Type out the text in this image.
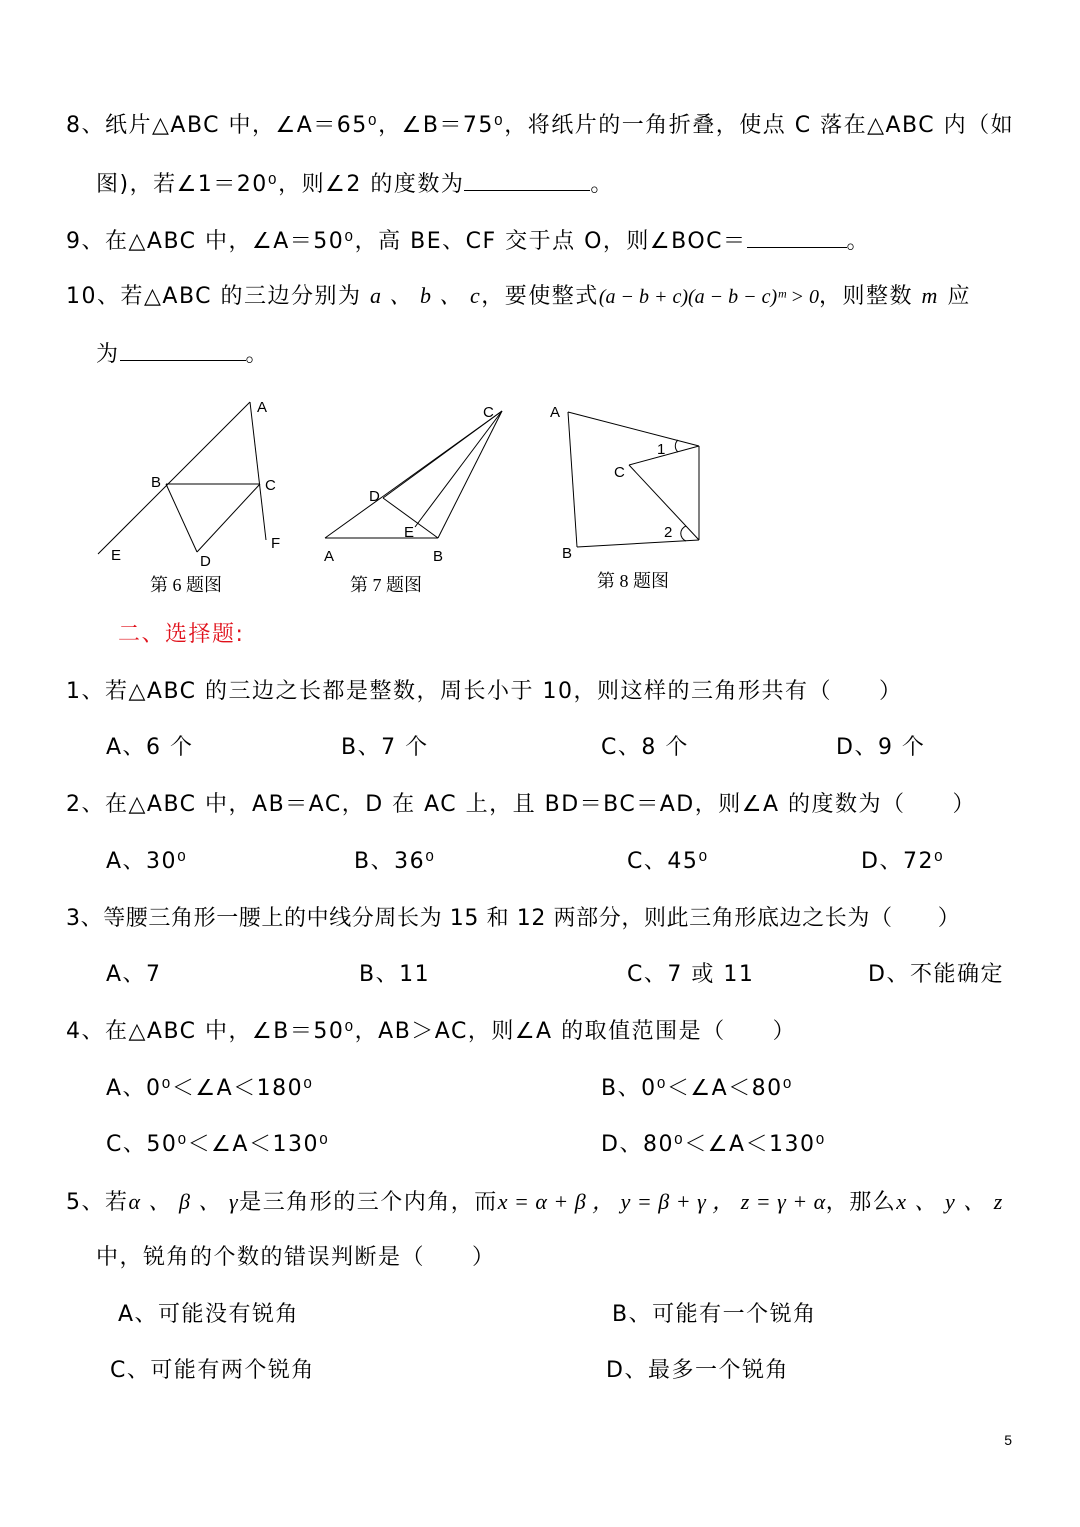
8、纸片△ABC 中，∠A＝65⁰，∠B＝75⁰，将纸片的一角折叠，使点 C 落在△ABC 内（如
图)，若∠1＝20⁰，则∠2 的度数为	。
9、在△ABC 中，∠A＝50⁰，高 BE、CF 交于点 O，则∠BOC＝	。
10、若△ABC 的三边分别为 a 、 b 、 c，要使整式(a − b + c)(a − b − c)ᵐ > 0，则整数 m 应
为	。
A
B	C
D
E
F
第 6 题图
A	B
C
D
E
第 7 题图
A
B
C
1
2
第 8 题图
二、选择题:
1、若△ABC 的三边之长都是整数，周长小于 10，则这样的三角形共有（　　）
A、6 个	B、7 个	C、8 个	D、9 个
2、在△ABC 中，AB＝AC，D 在 AC 上，且 BD＝BC＝AD，则∠A 的度数为（　　）
A、30⁰	B、36⁰	C、45⁰	D、72⁰
3、等腰三角形一腰上的中线分周长为 15 和 12 两部分，则此三角形底边之长为（　　）
A、7	B、11	C、7 或 11	D、不能确定
4、在△ABC 中，∠B＝50⁰，AB＞AC，则∠A 的取值范围是（　　）
A、0⁰＜∠A＜180⁰	B、0⁰＜∠A＜80⁰
C、50⁰＜∠A＜130⁰	D、80⁰＜∠A＜130⁰
5、若α 、 β 、 γ是三角形的三个内角，而x = α + β ， y = β + γ ， z = γ + α，那么x 、 y 、 z
中，锐角的个数的错误判断是（　　）
A、可能没有锐角	B、可能有一个锐角
C、可能有两个锐角	D、最多一个锐角
5
